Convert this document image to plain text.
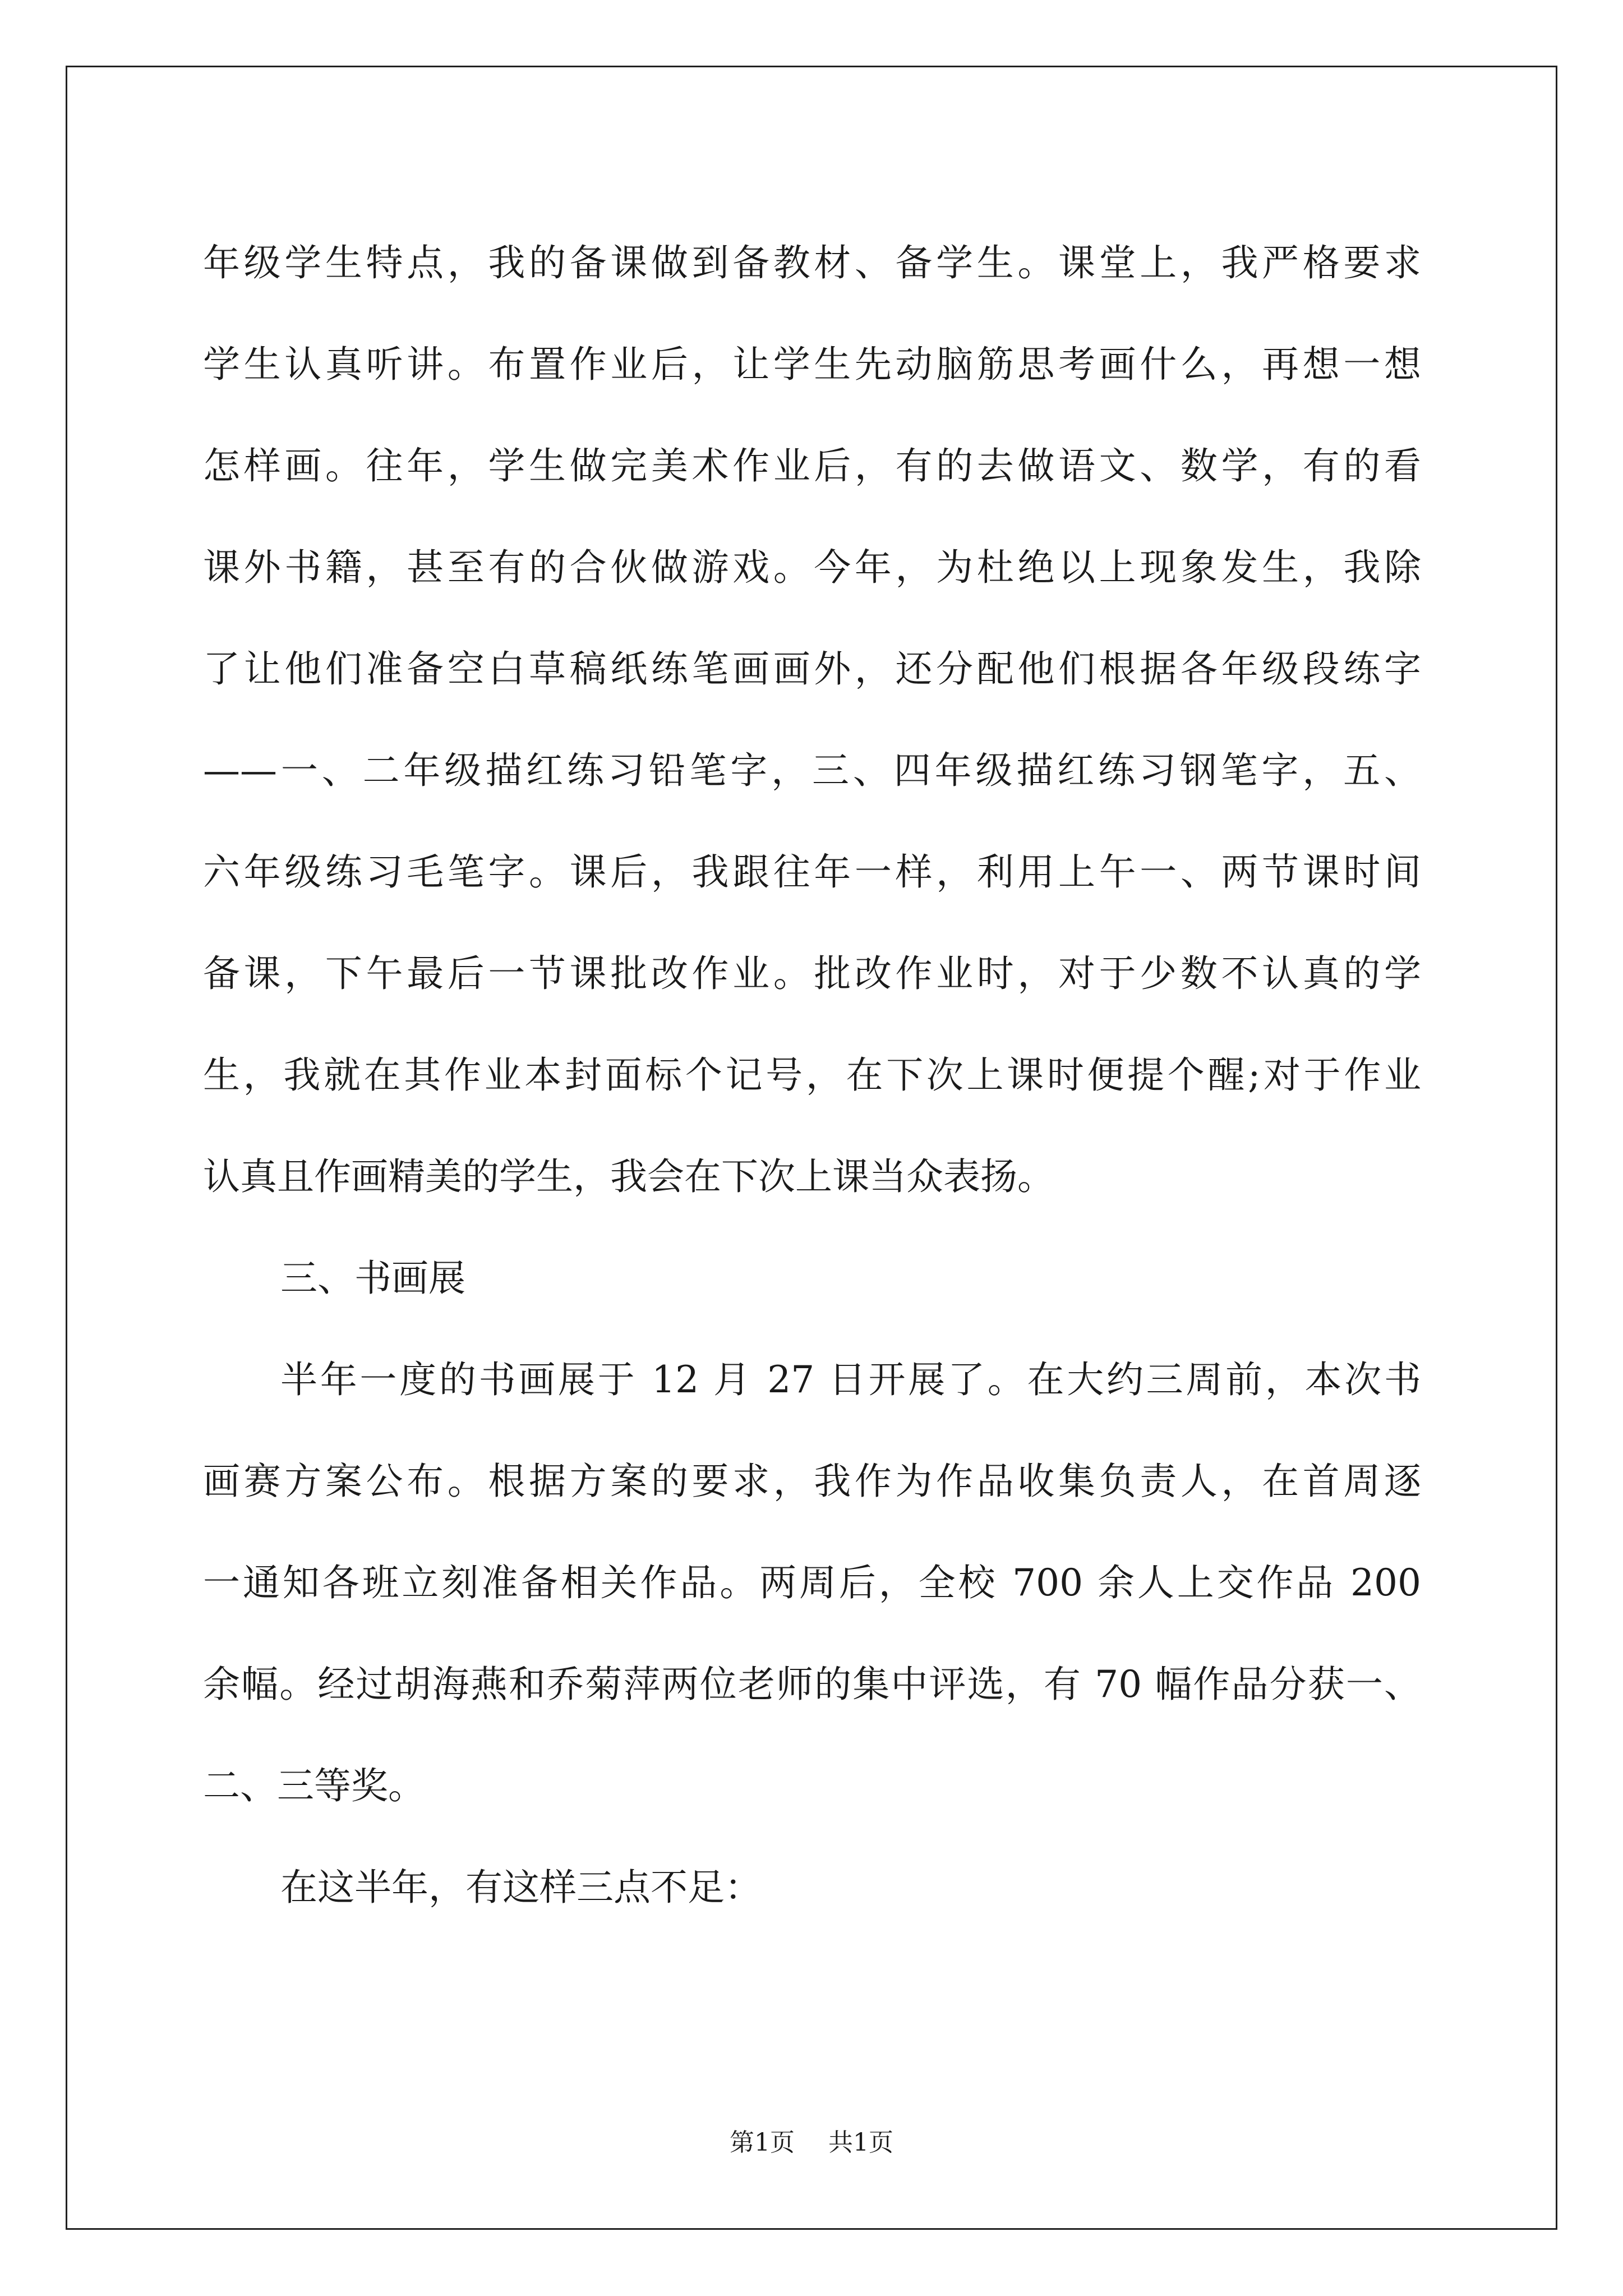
年级学生特点，我的备课做到备教材、备学生。课堂上，我严格要求
学生认真听讲。布置作业后，让学生先动脑筋思考画什么，再想一想
怎样画。往年，学生做完美术作业后，有的去做语文、数学，有的看
课外书籍，甚至有的合伙做游戏。今年，为杜绝以上现象发生，我除
了让他们准备空白草稿纸练笔画画外，还分配他们根据各年级段练字
——一、二年级描红练习铅笔字，三、四年级描红练习钢笔字，五、
六年级练习毛笔字。课后，我跟往年一样，利用上午一、两节课时间
备课，下午最后一节课批改作业。批改作业时，对于少数不认真的学
生，我就在其作业本封面标个记号，在下次上课时便提个醒;对于作业
认真且作画精美的学生，我会在下次上课当众表扬。
三、书画展
半年一度的书画展于 12 月 27 日开展了。在大约三周前，本次书
画赛方案公布。根据方案的要求，我作为作品收集负责人，在首周逐
一通知各班立刻准备相关作品。两周后，全校 700 余人上交作品 200
余幅。经过胡海燕和乔菊萍两位老师的集中评选，有 70 幅作品分获一、
二、三等奖。
在这半年，有这样三点不足：
第1页 共1页
